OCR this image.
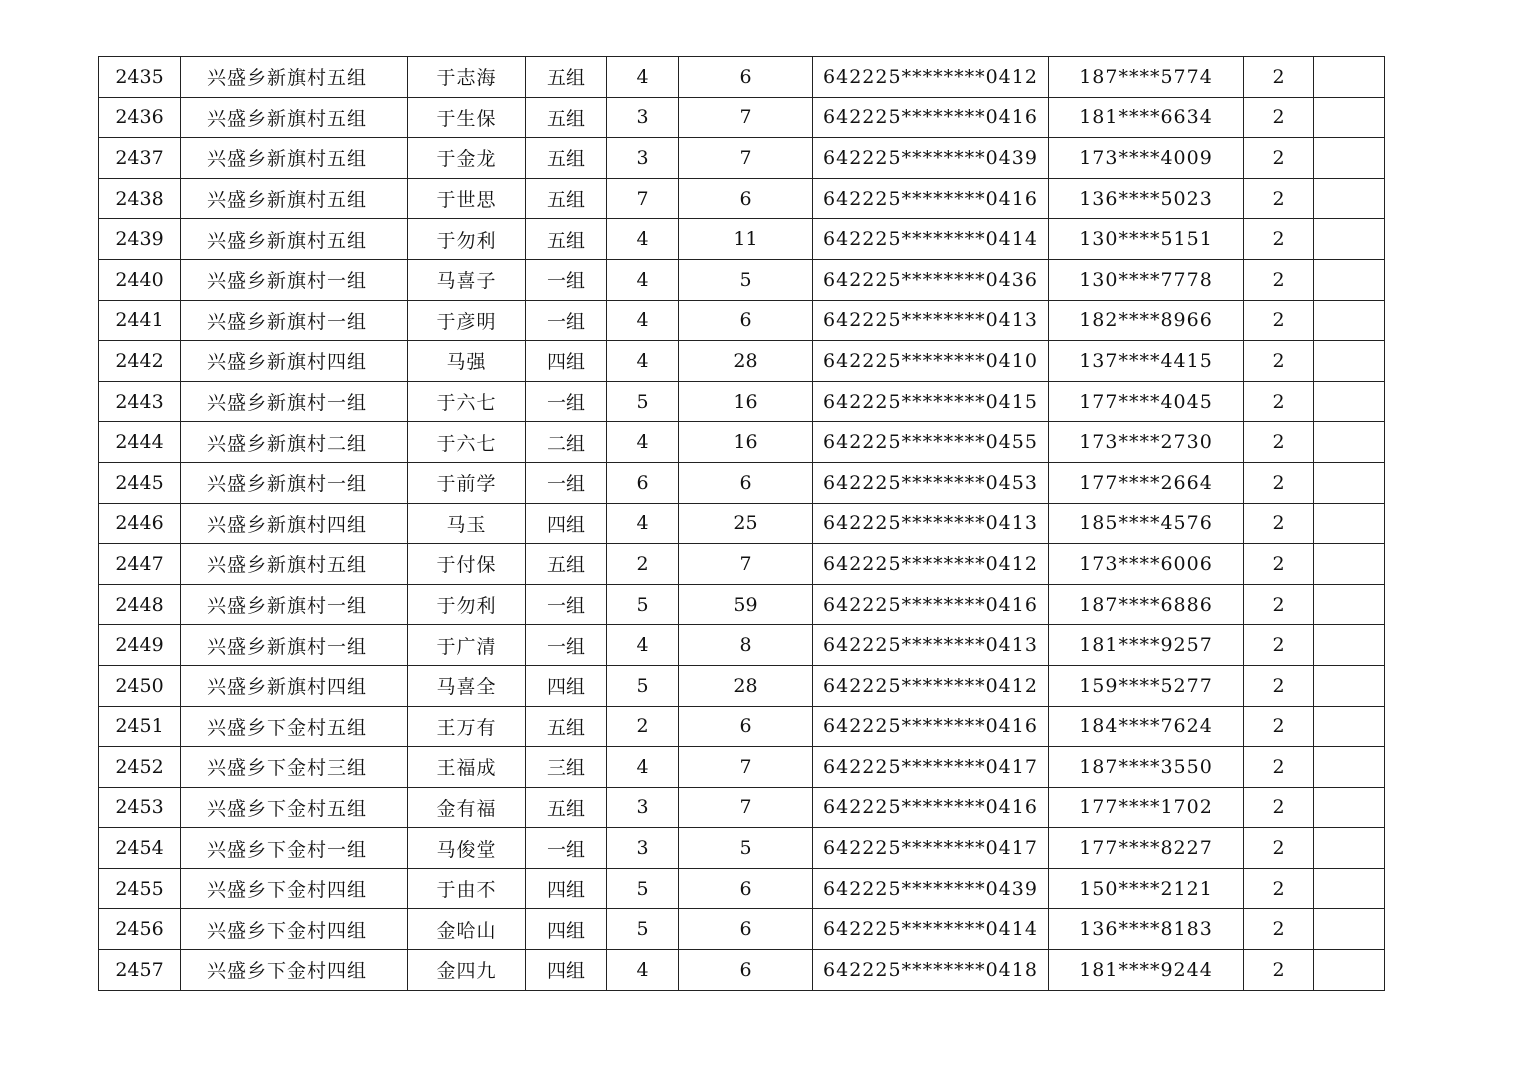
2435	兴盛乡新旗村五组	于志海	五组	4	6	642225********0412	187****5774	2	
2436	兴盛乡新旗村五组	于生保	五组	3	7	642225********0416	181****6634	2	
2437	兴盛乡新旗村五组	于金龙	五组	3	7	642225********0439	173****4009	2	
2438	兴盛乡新旗村五组	于世思	五组	7	6	642225********0416	136****5023	2	
2439	兴盛乡新旗村五组	于勿利	五组	4	11	642225********0414	130****5151	2	
2440	兴盛乡新旗村一组	马喜子	一组	4	5	642225********0436	130****7778	2	
2441	兴盛乡新旗村一组	于彦明	一组	4	6	642225********0413	182****8966	2	
2442	兴盛乡新旗村四组	马强	四组	4	28	642225********0410	137****4415	2	
2443	兴盛乡新旗村一组	于六七	一组	5	16	642225********0415	177****4045	2	
2444	兴盛乡新旗村二组	于六七	二组	4	16	642225********0455	173****2730	2	
2445	兴盛乡新旗村一组	于前学	一组	6	6	642225********0453	177****2664	2	
2446	兴盛乡新旗村四组	马玉	四组	4	25	642225********0413	185****4576	2	
2447	兴盛乡新旗村五组	于付保	五组	2	7	642225********0412	173****6006	2	
2448	兴盛乡新旗村一组	于勿利	一组	5	59	642225********0416	187****6886	2	
2449	兴盛乡新旗村一组	于广清	一组	4	8	642225********0413	181****9257	2	
2450	兴盛乡新旗村四组	马喜全	四组	5	28	642225********0412	159****5277	2	
2451	兴盛乡下金村五组	王万有	五组	2	6	642225********0416	184****7624	2	
2452	兴盛乡下金村三组	王福成	三组	4	7	642225********0417	187****3550	2	
2453	兴盛乡下金村五组	金有福	五组	3	7	642225********0416	177****1702	2	
2454	兴盛乡下金村一组	马俊堂	一组	3	5	642225********0417	177****8227	2	
2455	兴盛乡下金村四组	于由不	四组	5	6	642225********0439	150****2121	2	
2456	兴盛乡下金村四组	金哈山	四组	5	6	642225********0414	136****8183	2	
2457	兴盛乡下金村四组	金四九	四组	4	6	642225********0418	181****9244	2	
